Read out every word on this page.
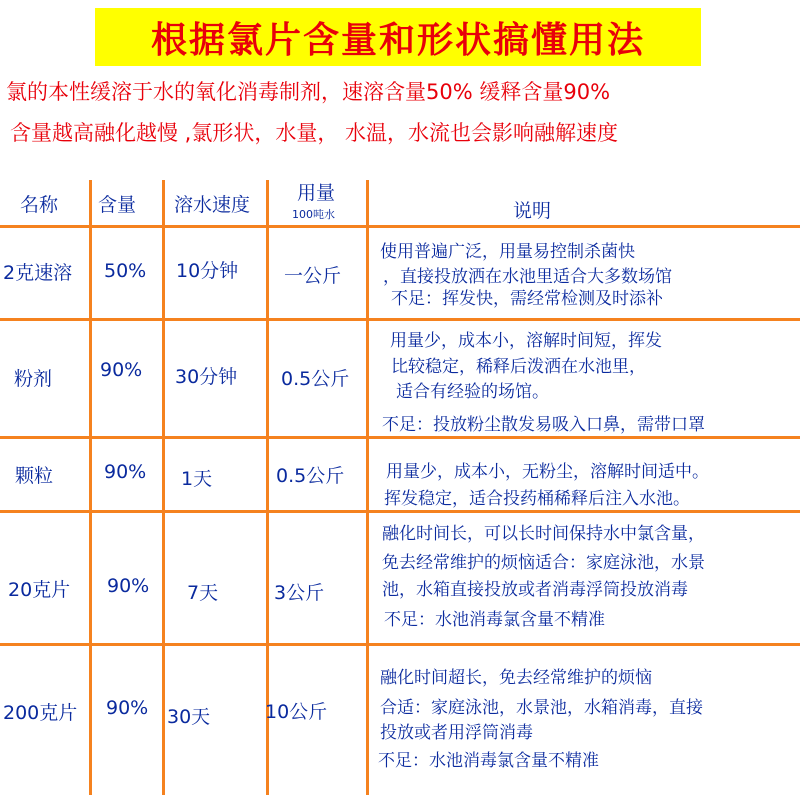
根据氯片含量和形状搞懂用法
氯的本性缓溶于水的氧化消毒制剂，速溶含量50% 缓释含量90%
含量越高融化越慢 ,氯形状，水量， 水温，水流也会影响融解速度
名称 含量 溶水速度
用量
100吨水	说明
2克速溶 50% 10分钟 一公斤
使用普遍广泛，用量易控制杀菌快
，直接投放洒在水池里适合大多数场馆
不足：挥发快，需经常检测及时添补
粉剂	90% 30分钟 0.5公斤
用量少，成本小，溶解时间短，挥发
比较稳定，稀释后泼洒在水池里，
适合有经验的场馆。
不足：投放粉尘散发易吸入口鼻，需带口罩
颗粒	90% 1天	0.5公斤 用量少，成本小，无粉尘，溶解时间适中。
挥发稳定，适合投药桶稀释后注入水池。
20克片 90% 7天	3公斤
融化时间长，可以长时间保持水中氯含量，
免去经常维护的烦恼适合：家庭泳池，水景
池，水箱直接投放或者消毒浮筒投放消毒
不足：水池消毒氯含量不精准
200克片 90% 30天	10公斤
融化时间超长，免去经常维护的烦恼
合适：家庭泳池，水景池，水箱消毒，直接
投放或者用浮筒消毒
不足：水池消毒氯含量不精准
